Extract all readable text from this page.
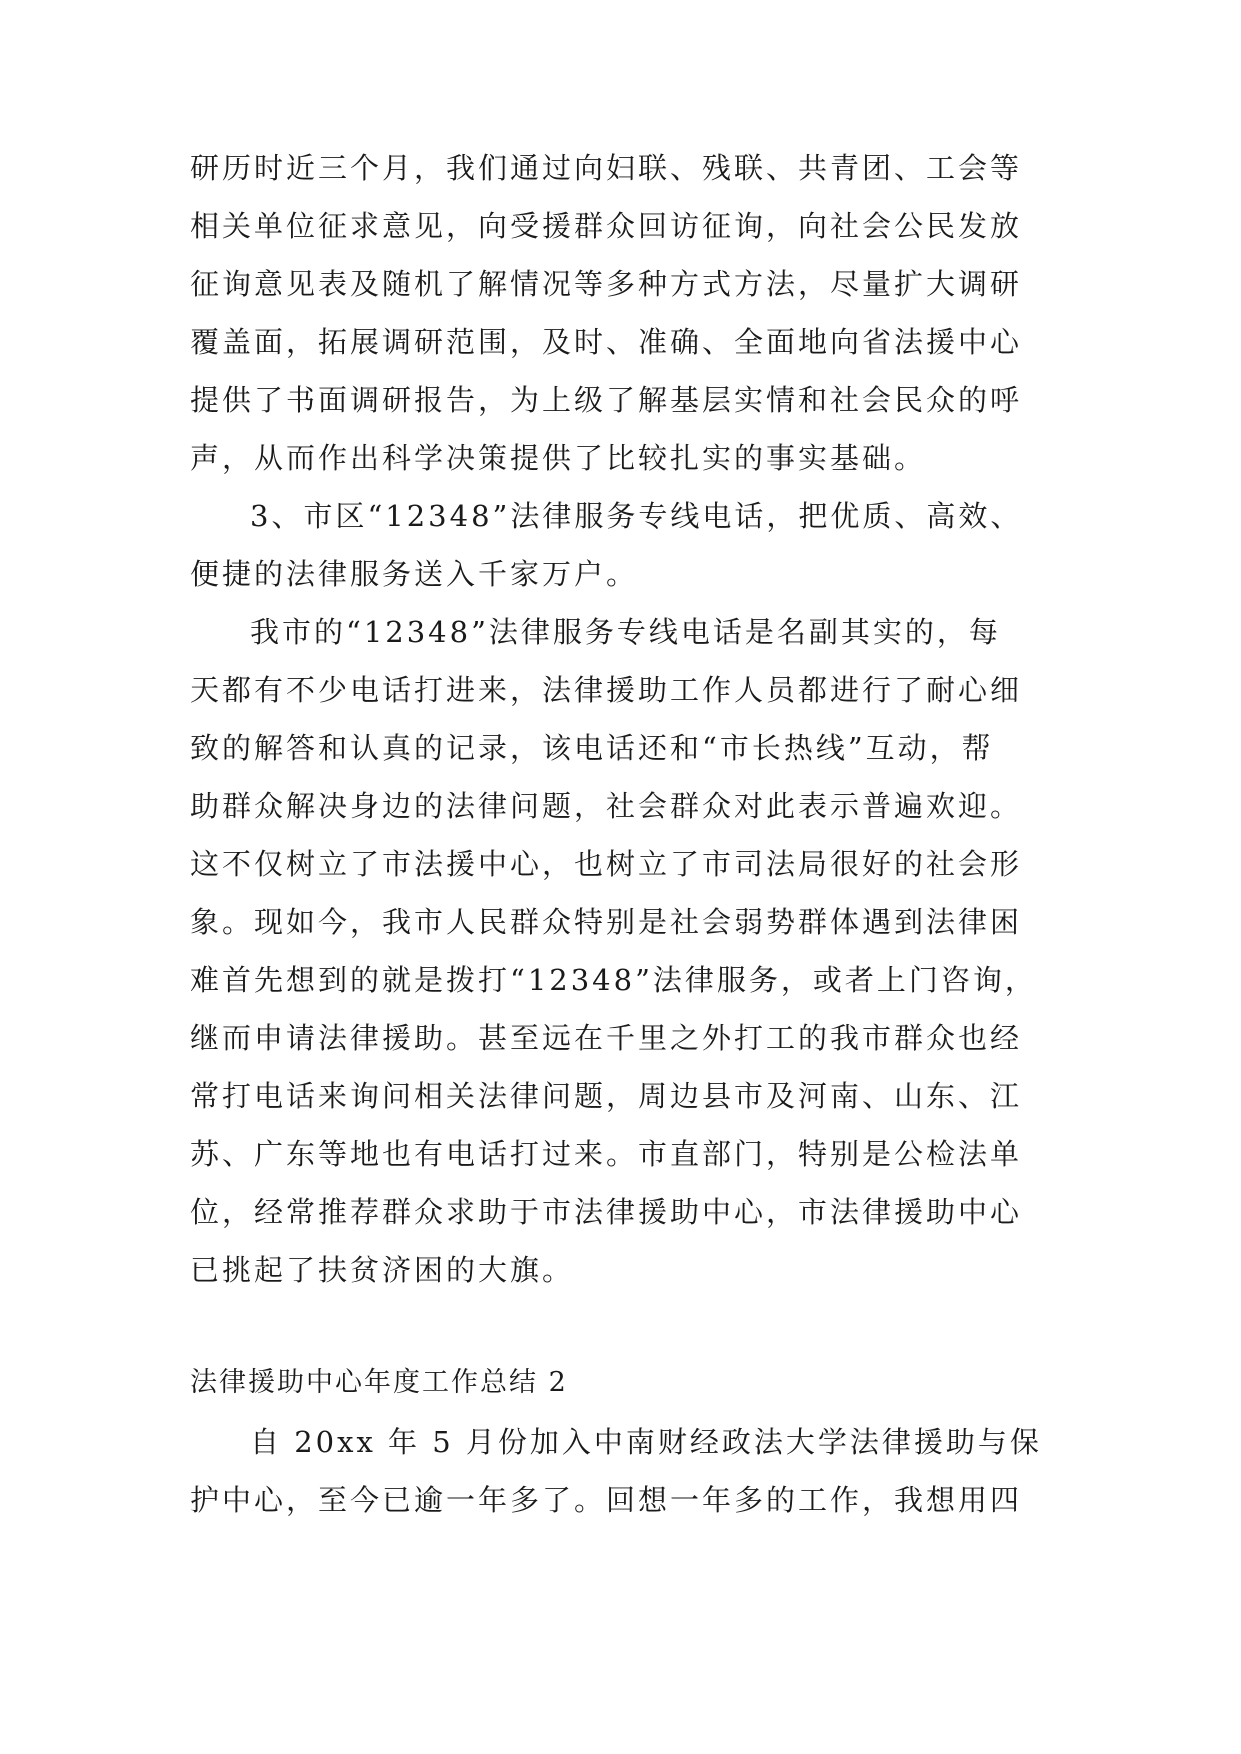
研历时近三个月，我们通过向妇联、残联、共青团、工会等
相关单位征求意见，向受援群众回访征询，向社会公民发放
征询意见表及随机了解情况等多种方式方法，尽量扩大调研
覆盖面，拓展调研范围，及时、准确、全面地向省法援中心
提供了书面调研报告，为上级了解基层实情和社会民众的呼
声，从而作出科学决策提供了比较扎实的事实基础。
3、市区“12348”法律服务专线电话，把优质、高效、
便捷的法律服务送入千家万户。
我市的“12348”法律服务专线电话是名副其实的，每
天都有不少电话打进来，法律援助工作人员都进行了耐心细
致的解答和认真的记录，该电话还和“市长热线”互动，帮
助群众解决身边的法律问题，社会群众对此表示普遍欢迎。
这不仅树立了市法援中心，也树立了市司法局很好的社会形
象。现如今，我市人民群众特别是社会弱势群体遇到法律困
难首先想到的就是拨打“12348”法律服务，或者上门咨询，
继而申请法律援助。甚至远在千里之外打工的我市群众也经
常打电话来询问相关法律问题，周边县市及河南、山东、江
苏、广东等地也有电话打过来。市直部门，特别是公检法单
位，经常推荐群众求助于市法律援助中心，市法律援助中心
已挑起了扶贫济困的大旗。
法律援助中心年度工作总结 2
自 20xx 年 5 月份加入中南财经政法大学法律援助与保
护中心，至今已逾一年多了。回想一年多的工作，我想用四
